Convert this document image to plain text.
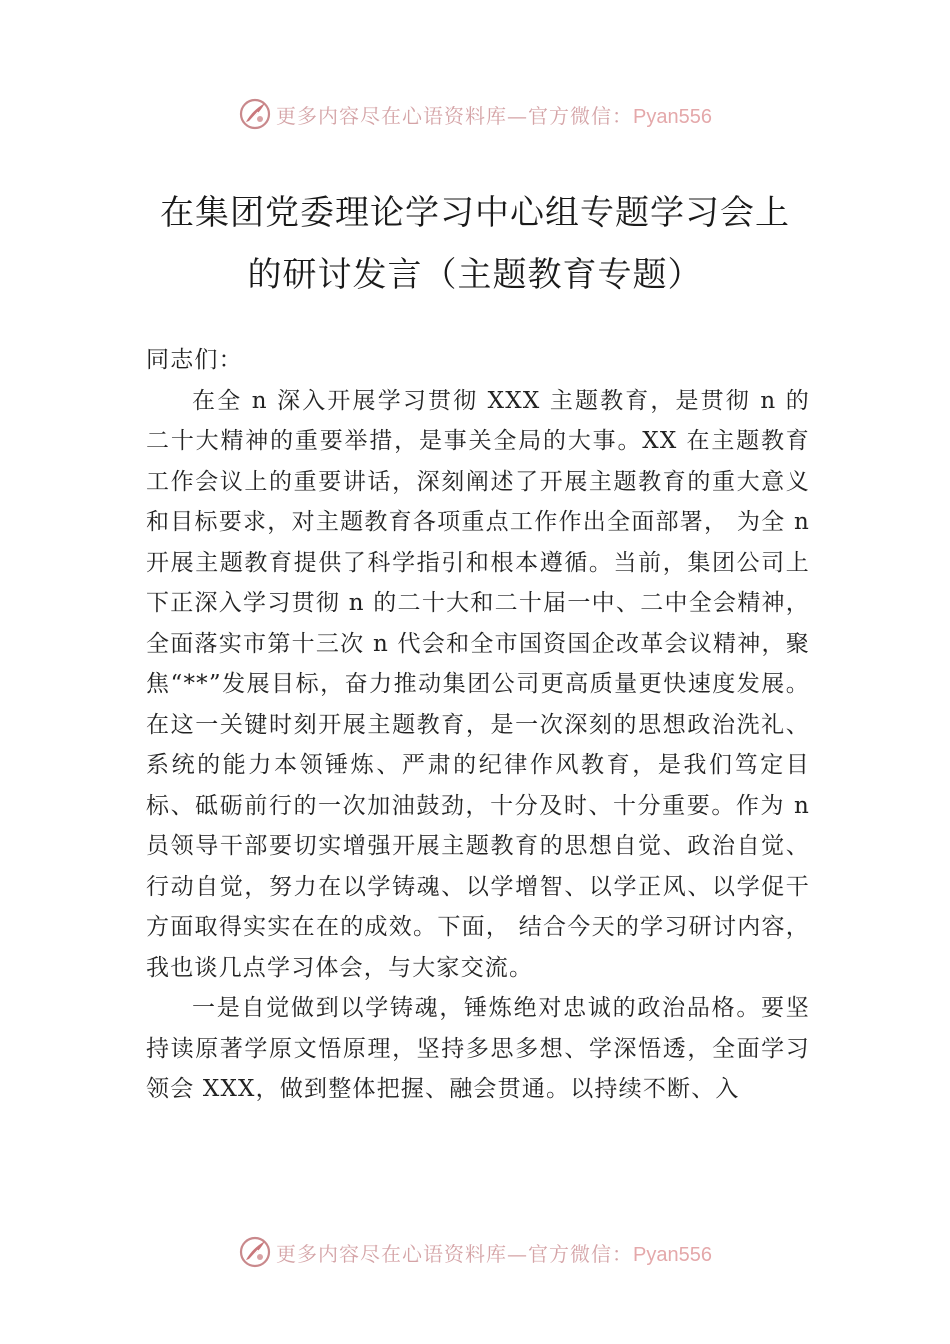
更多内容尽在心语资料库—官方微信：Pyan556
在集团党委理论学习中心组专题学习会上
的研讨发言（主题教育专题）

同志们：

在全 n 深入开展学习贯彻 XXX 主题教育，是贯彻 n 的二十大精神的重要举措，是事关全局的大事。XX 在主题教育工作会议上的重要讲话，深刻阐述了开展主题教育的重大意义和目标要求，对主题教育各项重点工作作出全面部署， 为全 n 开展主题教育提供了科学指引和根本遵循。当前，集团公司上下正深入学习贯彻 n 的二十大和二十届一中、二中全会精神，全面落实市第十三次 n 代会和全市国资国企改革会议精神，聚焦“**”发展目标，奋力推动集团公司更高质量更快速度发展。在这一关键时刻开展主题教育，是一次深刻的思想政治洗礼、系统的能力本领锤炼、严肃的纪律作风教育，是我们笃定目标、砥砺前行的一次加油鼓劲，十分及时、十分重要。作为 n 员领导干部要切实增强开展主题教育的思想自觉、政治自觉、行动自觉，努力在以学铸魂、以学增智、以学正风、以学促干方面取得实实在在的成效。下面， 结合今天的学习研讨内容，我也谈几点学习体会，与大家交流。

一是自觉做到以学铸魂，锤炼绝对忠诚的政治品格。要坚持读原著学原文悟原理，坚持多思多想、学深悟透，全面学习领会 XXX，做到整体把握、融会贯通。以持续不断、入

更多内容尽在心语资料库—官方微信：Pyan556
